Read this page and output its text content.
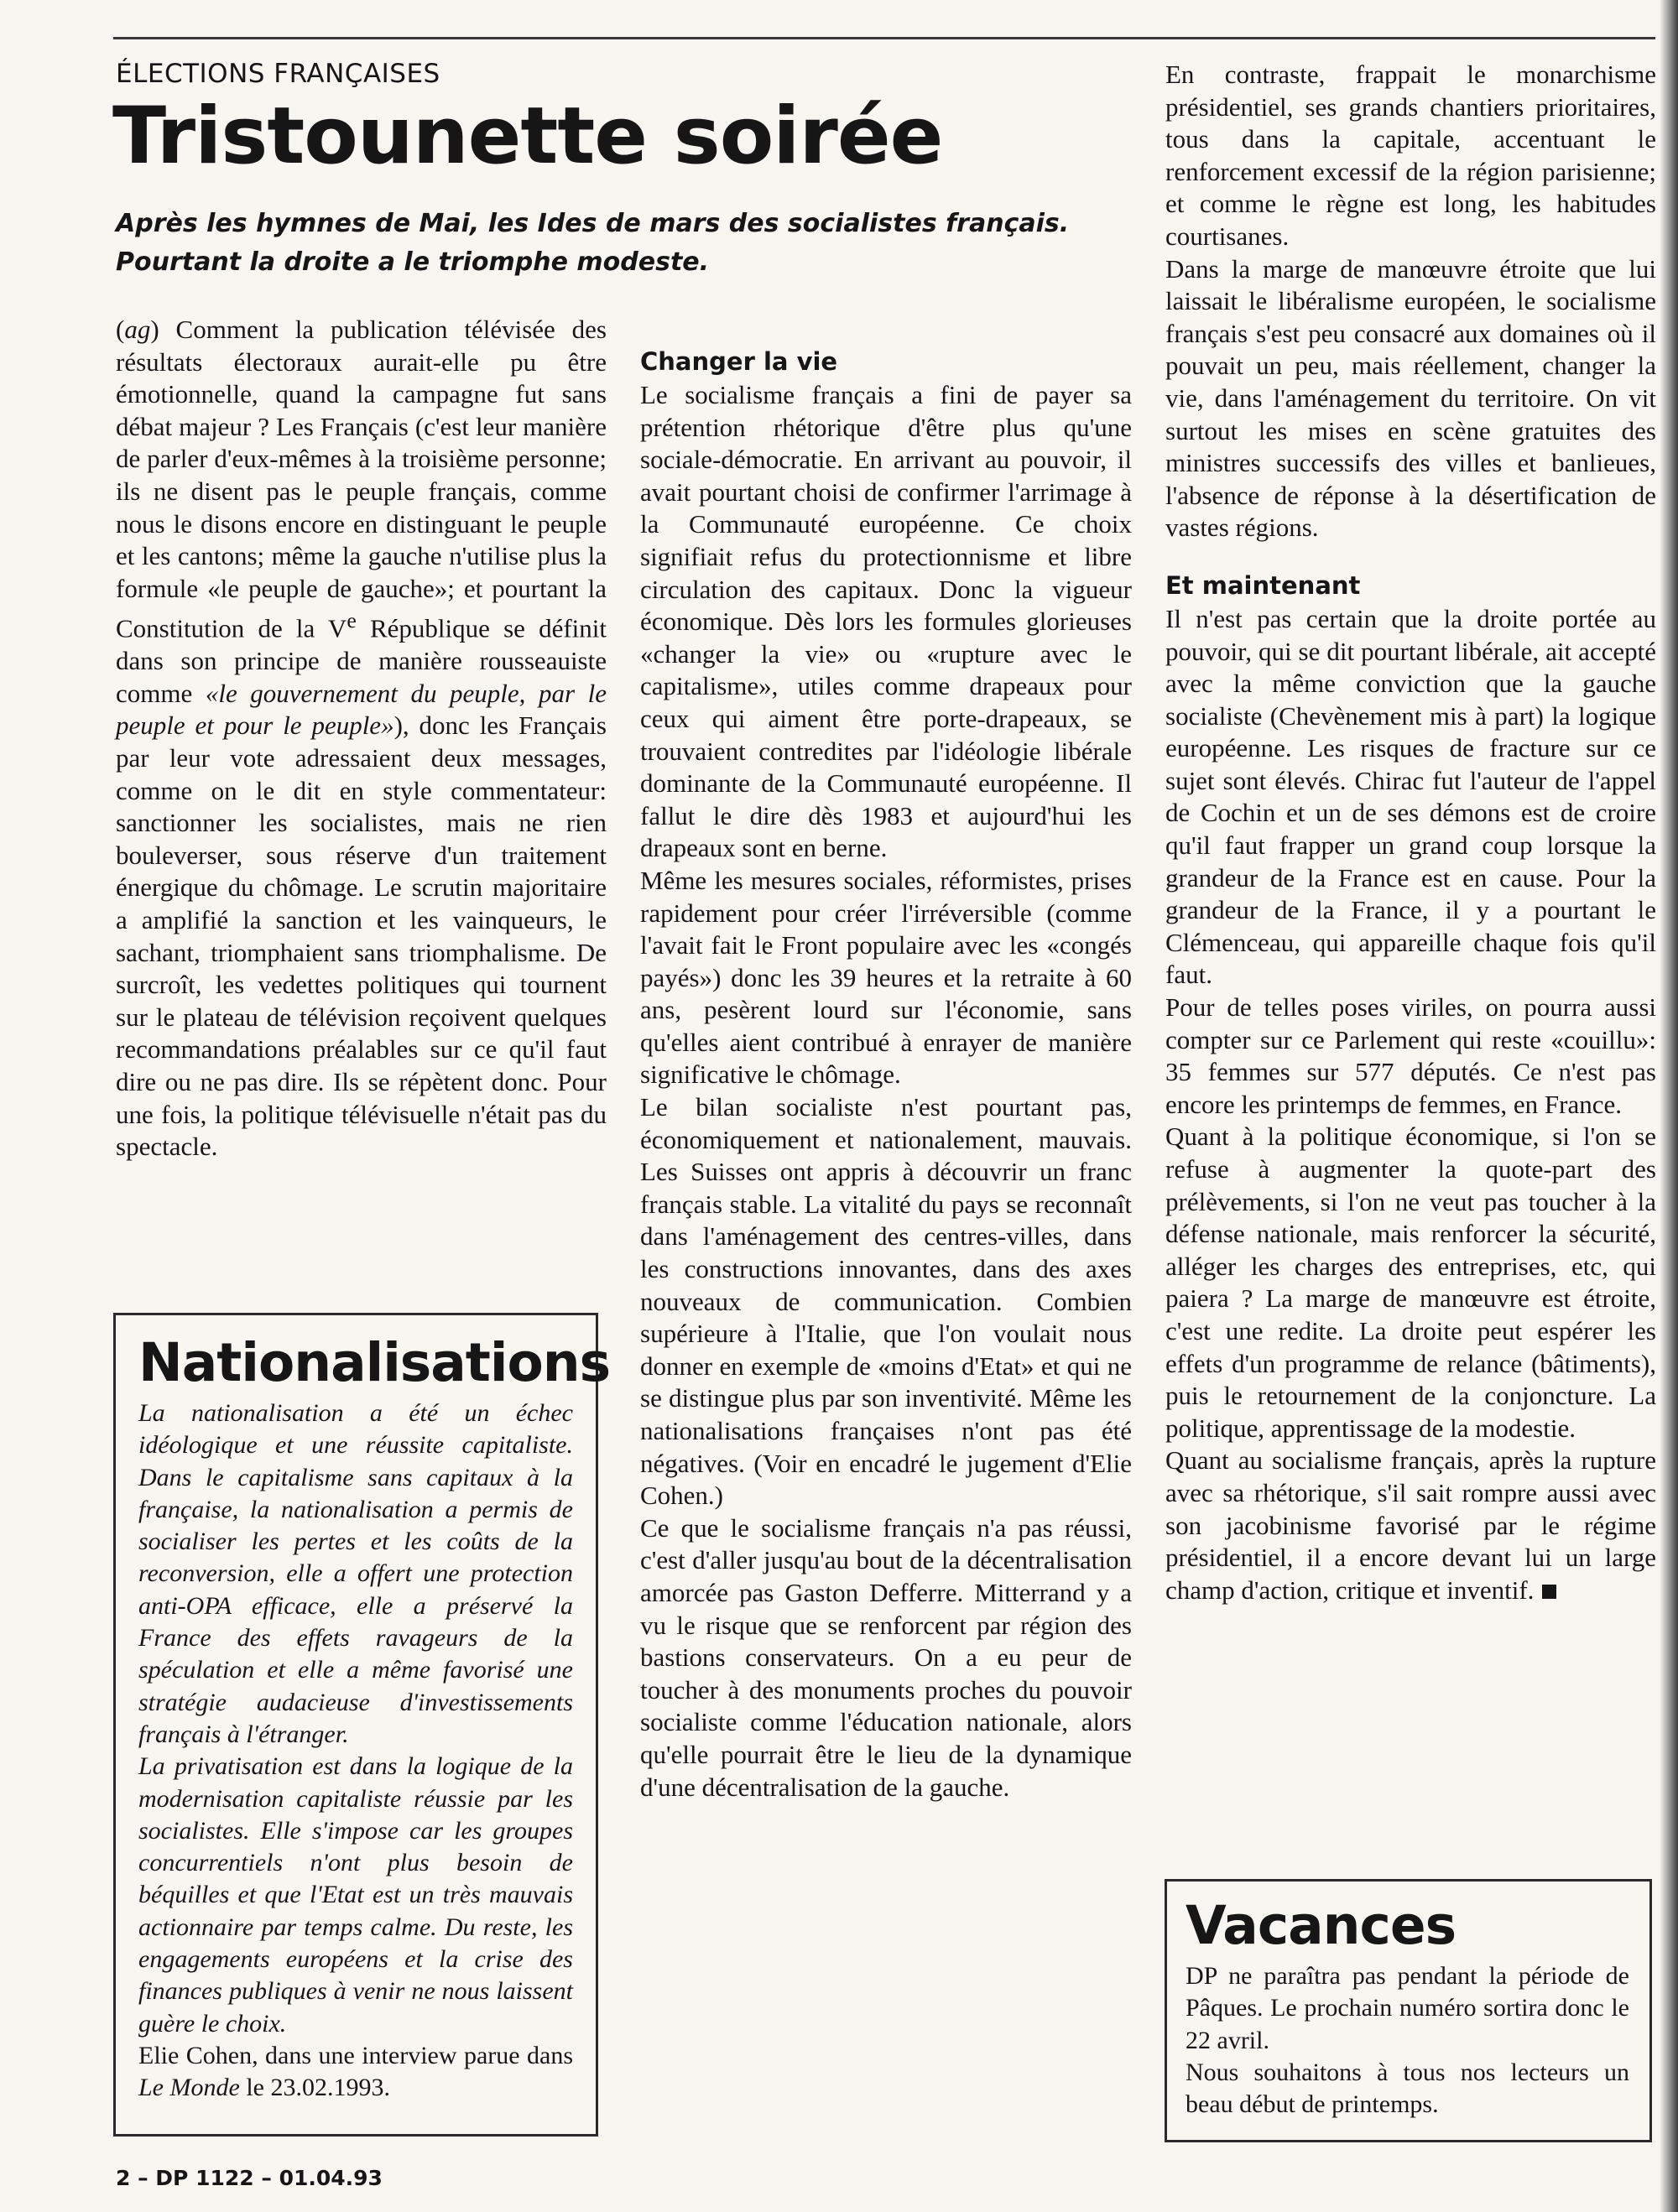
ÉLECTIONS FRANÇAISES
Tristounette soirée

Après les hymnes de Mai, les Ides de mars des socialistes français. Pourtant la droite a le triomphe modeste.

(ag) Comment la publication télévisée des résultats électoraux aurait-elle pu être émotionnelle, quand la campagne fut sans débat majeur ? Les Français (c'est leur manière de parler d'eux-mêmes à la troisième personne; ils ne disent pas le peuple français, comme nous le disons encore en distinguant le peuple et les cantons; même la gauche n'utilise plus la formule «le peuple de gauche»; et pourtant la Constitution de la Ve République se définit dans son principe de manière rousseauiste comme «le gouvernement du peuple, par le peuple et pour le peuple»), donc les Français par leur vote adressaient deux messages, comme on le dit en style commentateur: sanctionner les socialistes, mais ne rien bouleverser, sous réserve d'un traitement énergique du chômage. Le scrutin majoritaire a amplifié la sanction et les vainqueurs, le sachant, triomphaient sans triomphalisme. De surcroît, les vedettes politiques qui tournent sur le plateau de télévision reçoivent quelques recommandations préalables sur ce qu'il faut dire ou ne pas dire. Ils se répètent donc. Pour une fois, la politique télévisuelle n'était pas du spectacle.

Changer la vie

Le socialisme français a fini de payer sa prétention rhétorique d'être plus qu'une sociale-démocratie. En arrivant au pouvoir, il avait pourtant choisi de confirmer l'arrimage à la Communauté européenne. Ce choix signifiait refus du protectionnisme et libre circulation des capitaux. Donc la vigueur économique. Dès lors les formules glorieuses «changer la vie» ou «rupture avec le capitalisme», utiles comme drapeaux pour ceux qui aiment être porte-drapeaux, se trouvaient contredites par l'idéologie libérale dominante de la Communauté européenne. Il fallut le dire dès 1983 et aujourd'hui les drapeaux sont en berne.

Même les mesures sociales, réformistes, prises rapidement pour créer l'irréversible (comme l'avait fait le Front populaire avec les «congés payés») donc les 39 heures et la retraite à 60 ans, pesèrent lourd sur l'économie, sans qu'elles aient contribué à enrayer de manière significative le chômage.

Le bilan socialiste n'est pourtant pas, économiquement et nationalement, mauvais. Les Suisses ont appris à découvrir un franc français stable. La vitalité du pays se reconnaît dans l'aménagement des centres-villes, dans les constructions innovantes, dans des axes nouveaux de communication. Combien supérieure à l'Italie, que l'on voulait nous donner en exemple de «moins d'Etat» et qui ne se distingue plus par son inventivité. Même les nationalisations françaises n'ont pas été négatives. (Voir en encadré le jugement d'Elie Cohen.)

Ce que le socialisme français n'a pas réussi, c'est d'aller jusqu'au bout de la décentralisation amorcée pas Gaston Defferre. Mitterrand y a vu le risque que se renforcent par région des bastions conservateurs. On a eu peur de toucher à des monuments proches du pouvoir socialiste comme l'éducation nationale, alors qu'elle pourrait être le lieu de la dynamique d'une décentralisation de la gauche.

En contraste, frappait le monarchisme présidentiel, ses grands chantiers prioritaires, tous dans la capitale, accentuant le renforcement excessif de la région parisienne; et comme le règne est long, les habitudes courtisanes.

Dans la marge de manœuvre étroite que lui laissait le libéralisme européen, le socialisme français s'est peu consacré aux domaines où il pouvait un peu, mais réellement, changer la vie, dans l'aménagement du territoire. On vit surtout les mises en scène gratuites des ministres successifs des villes et banlieues, l'absence de réponse à la désertification de vastes régions.

Et maintenant

Il n'est pas certain que la droite portée au pouvoir, qui se dit pourtant libérale, ait accepté avec la même conviction que la gauche socialiste (Chevènement mis à part) la logique européenne. Les risques de fracture sur ce sujet sont élevés. Chirac fut l'auteur de l'appel de Cochin et un de ses démons est de croire qu'il faut frapper un grand coup lorsque la grandeur de la France est en cause. Pour la grandeur de la France, il y a pourtant le Clémenceau, qui appareille chaque fois qu'il faut.

Pour de telles poses viriles, on pourra aussi compter sur ce Parlement qui reste «couillu»: 35 femmes sur 577 députés. Ce n'est pas encore les printemps de femmes, en France.

Quant à la politique économique, si l'on se refuse à augmenter la quote-part des prélèvements, si l'on ne veut pas toucher à la défense nationale, mais renforcer la sécurité, alléger les charges des entreprises, etc, qui paiera ? La marge de manœuvre est étroite, c'est une redite. La droite peut espérer les effets d'un programme de relance (bâtiments), puis le retournement de la conjoncture. La politique, apprentissage de la modestie.

Quant au socialisme français, après la rupture avec sa rhétorique, s'il sait rompre aussi avec son jacobinisme favorisé par le régime présidentiel, il a encore devant lui un large champ d'action, critique et inventif.

Nationalisations

La nationalisation a été un échec idéologique et une réussite capitaliste. Dans le capitalisme sans capitaux à la française, la nationalisation a permis de socialiser les pertes et les coûts de la reconversion, elle a offert une protection anti-OPA efficace, elle a préservé la France des effets ravageurs de la spéculation et elle a même favorisé une stratégie audacieuse d'investissements français à l'étranger.

La privatisation est dans la logique de la modernisation capitaliste réussie par les socialistes. Elle s'impose car les groupes concurrentiels n'ont plus besoin de béquilles et que l'Etat est un très mauvais actionnaire par temps calme. Du reste, les engagements européens et la crise des finances publiques à venir ne nous laissent guère le choix.

Elie Cohen, dans une interview parue dans Le Monde le 23.02.1993.

Vacances

DP ne paraîtra pas pendant la période de Pâques. Le prochain numéro sortira donc le 22 avril.

Nous souhaitons à tous nos lecteurs un beau début de printemps.

2 – DP 1122 – 01.04.93
